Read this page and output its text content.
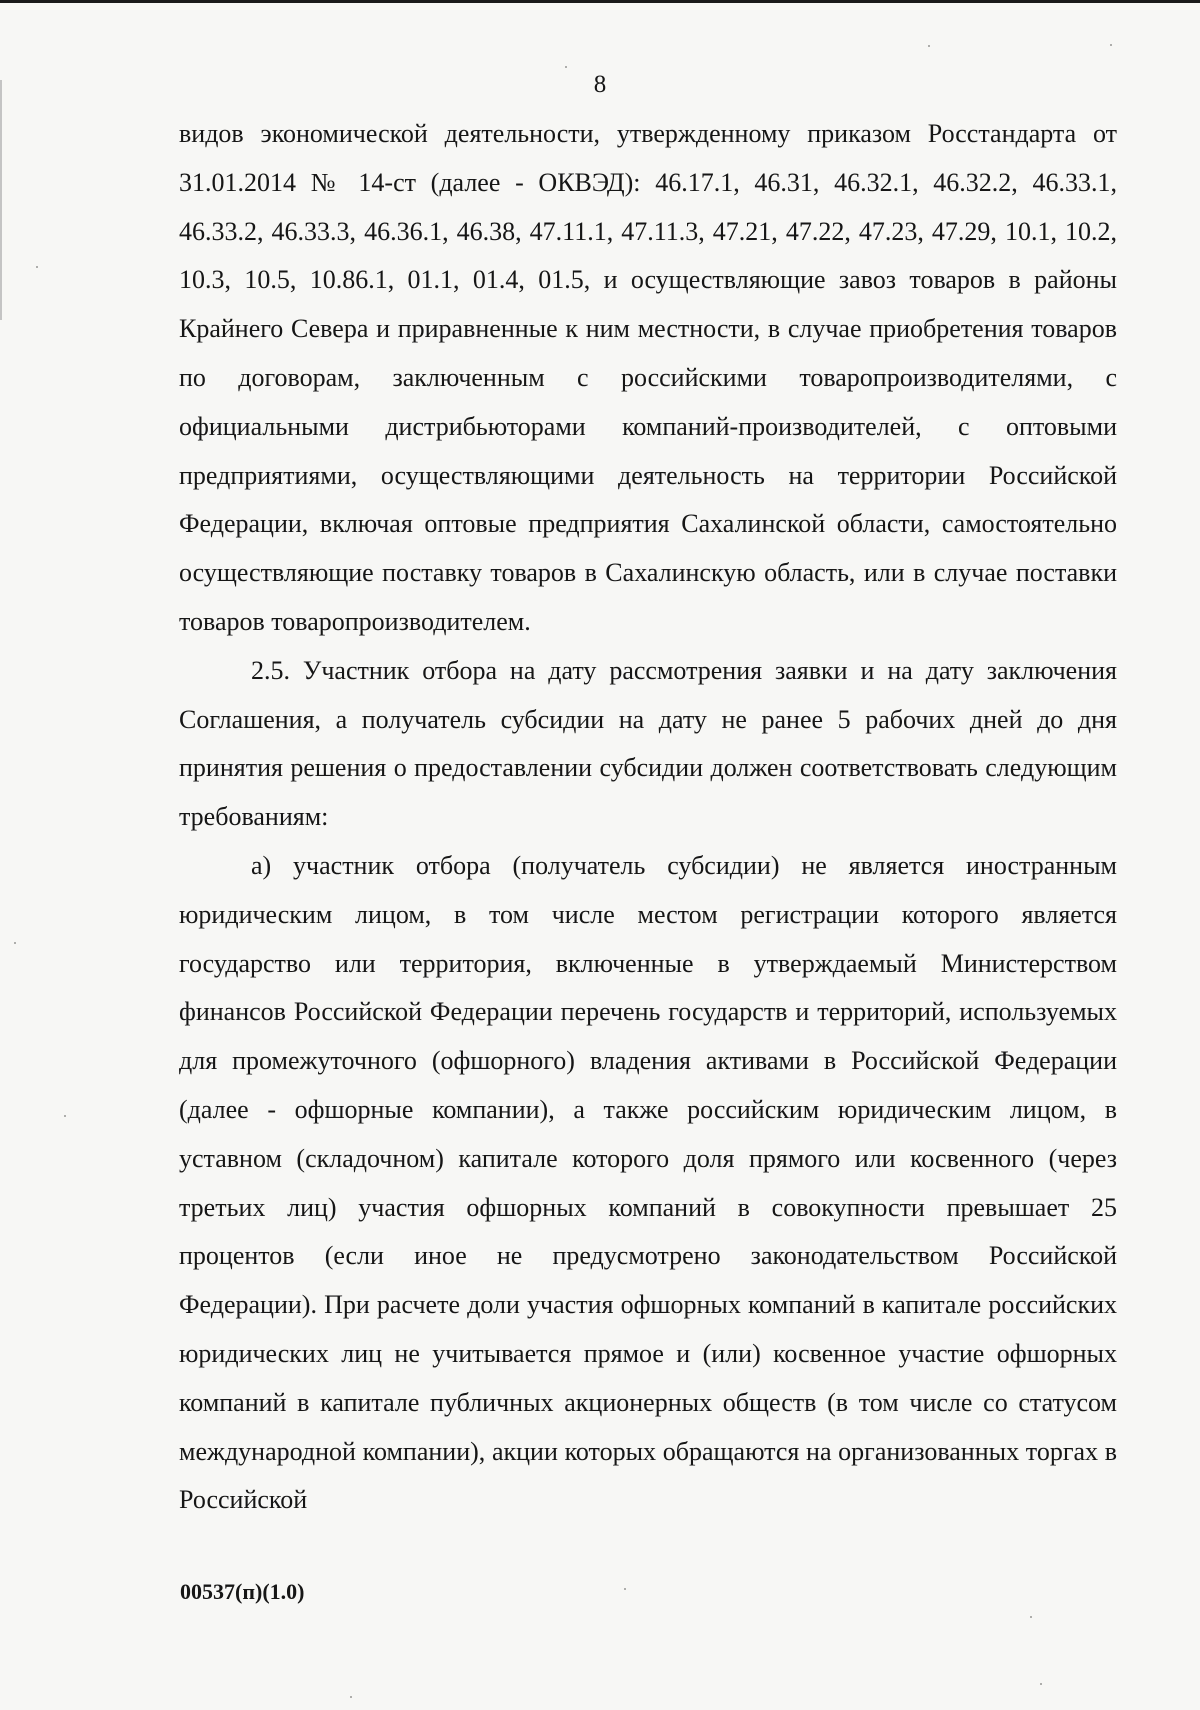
8

видов экономической деятельности, утвержденному приказом Росстандарта от 31.01.2014 № 14-ст (далее - ОКВЭД): 46.17.1, 46.31, 46.32.1, 46.32.2, 46.33.1, 46.33.2, 46.33.3, 46.36.1, 46.38, 47.11.1, 47.11.3, 47.21, 47.22, 47.23, 47.29, 10.1, 10.2, 10.3, 10.5, 10.86.1, 01.1, 01.4, 01.5, и осуществляющие завоз товаров в районы Крайнего Севера и приравненные к ним местности, в случае приобретения товаров по договорам, заключенным с российскими товаропроизводителями, с официальными дистрибьюторами компаний-производителей, с оптовыми предприятиями, осуществляющими деятельность на территории Российской Федерации, включая оптовые предприятия Сахалинской области, самостоятельно осуществляющие поставку товаров в Сахалинскую область, или в случае поставки товаров товаропроизводителем.

2.5. Участник отбора на дату рассмотрения заявки и на дату заключения Соглашения, а получатель субсидии на дату не ранее 5 рабочих дней до дня принятия решения о предоставлении субсидии должен соответствовать следующим требованиям:

а) участник отбора (получатель субсидии) не является иностранным юридическим лицом, в том числе местом регистрации которого является государство или территория, включенные в утверждаемый Министерством финансов Российской Федерации перечень государств и территорий, используемых для промежуточного (офшорного) владения активами в Российской Федерации (далее - офшорные компании), а также российским юридическим лицом, в уставном (складочном) капитале которого доля прямого или косвенного (через третьих лиц) участия офшорных компаний в совокупности превышает 25 процентов (если иное не предусмотрено законодательством Российской Федерации). При расчете доли участия офшорных компаний в капитале российских юридических лиц не учитывается прямое и (или) косвенное участие офшорных компаний в капитале публичных акционерных обществ (в том числе со статусом международной компании), акции которых обращаются на организованных торгах в Российской

00537(п)(1.0)
